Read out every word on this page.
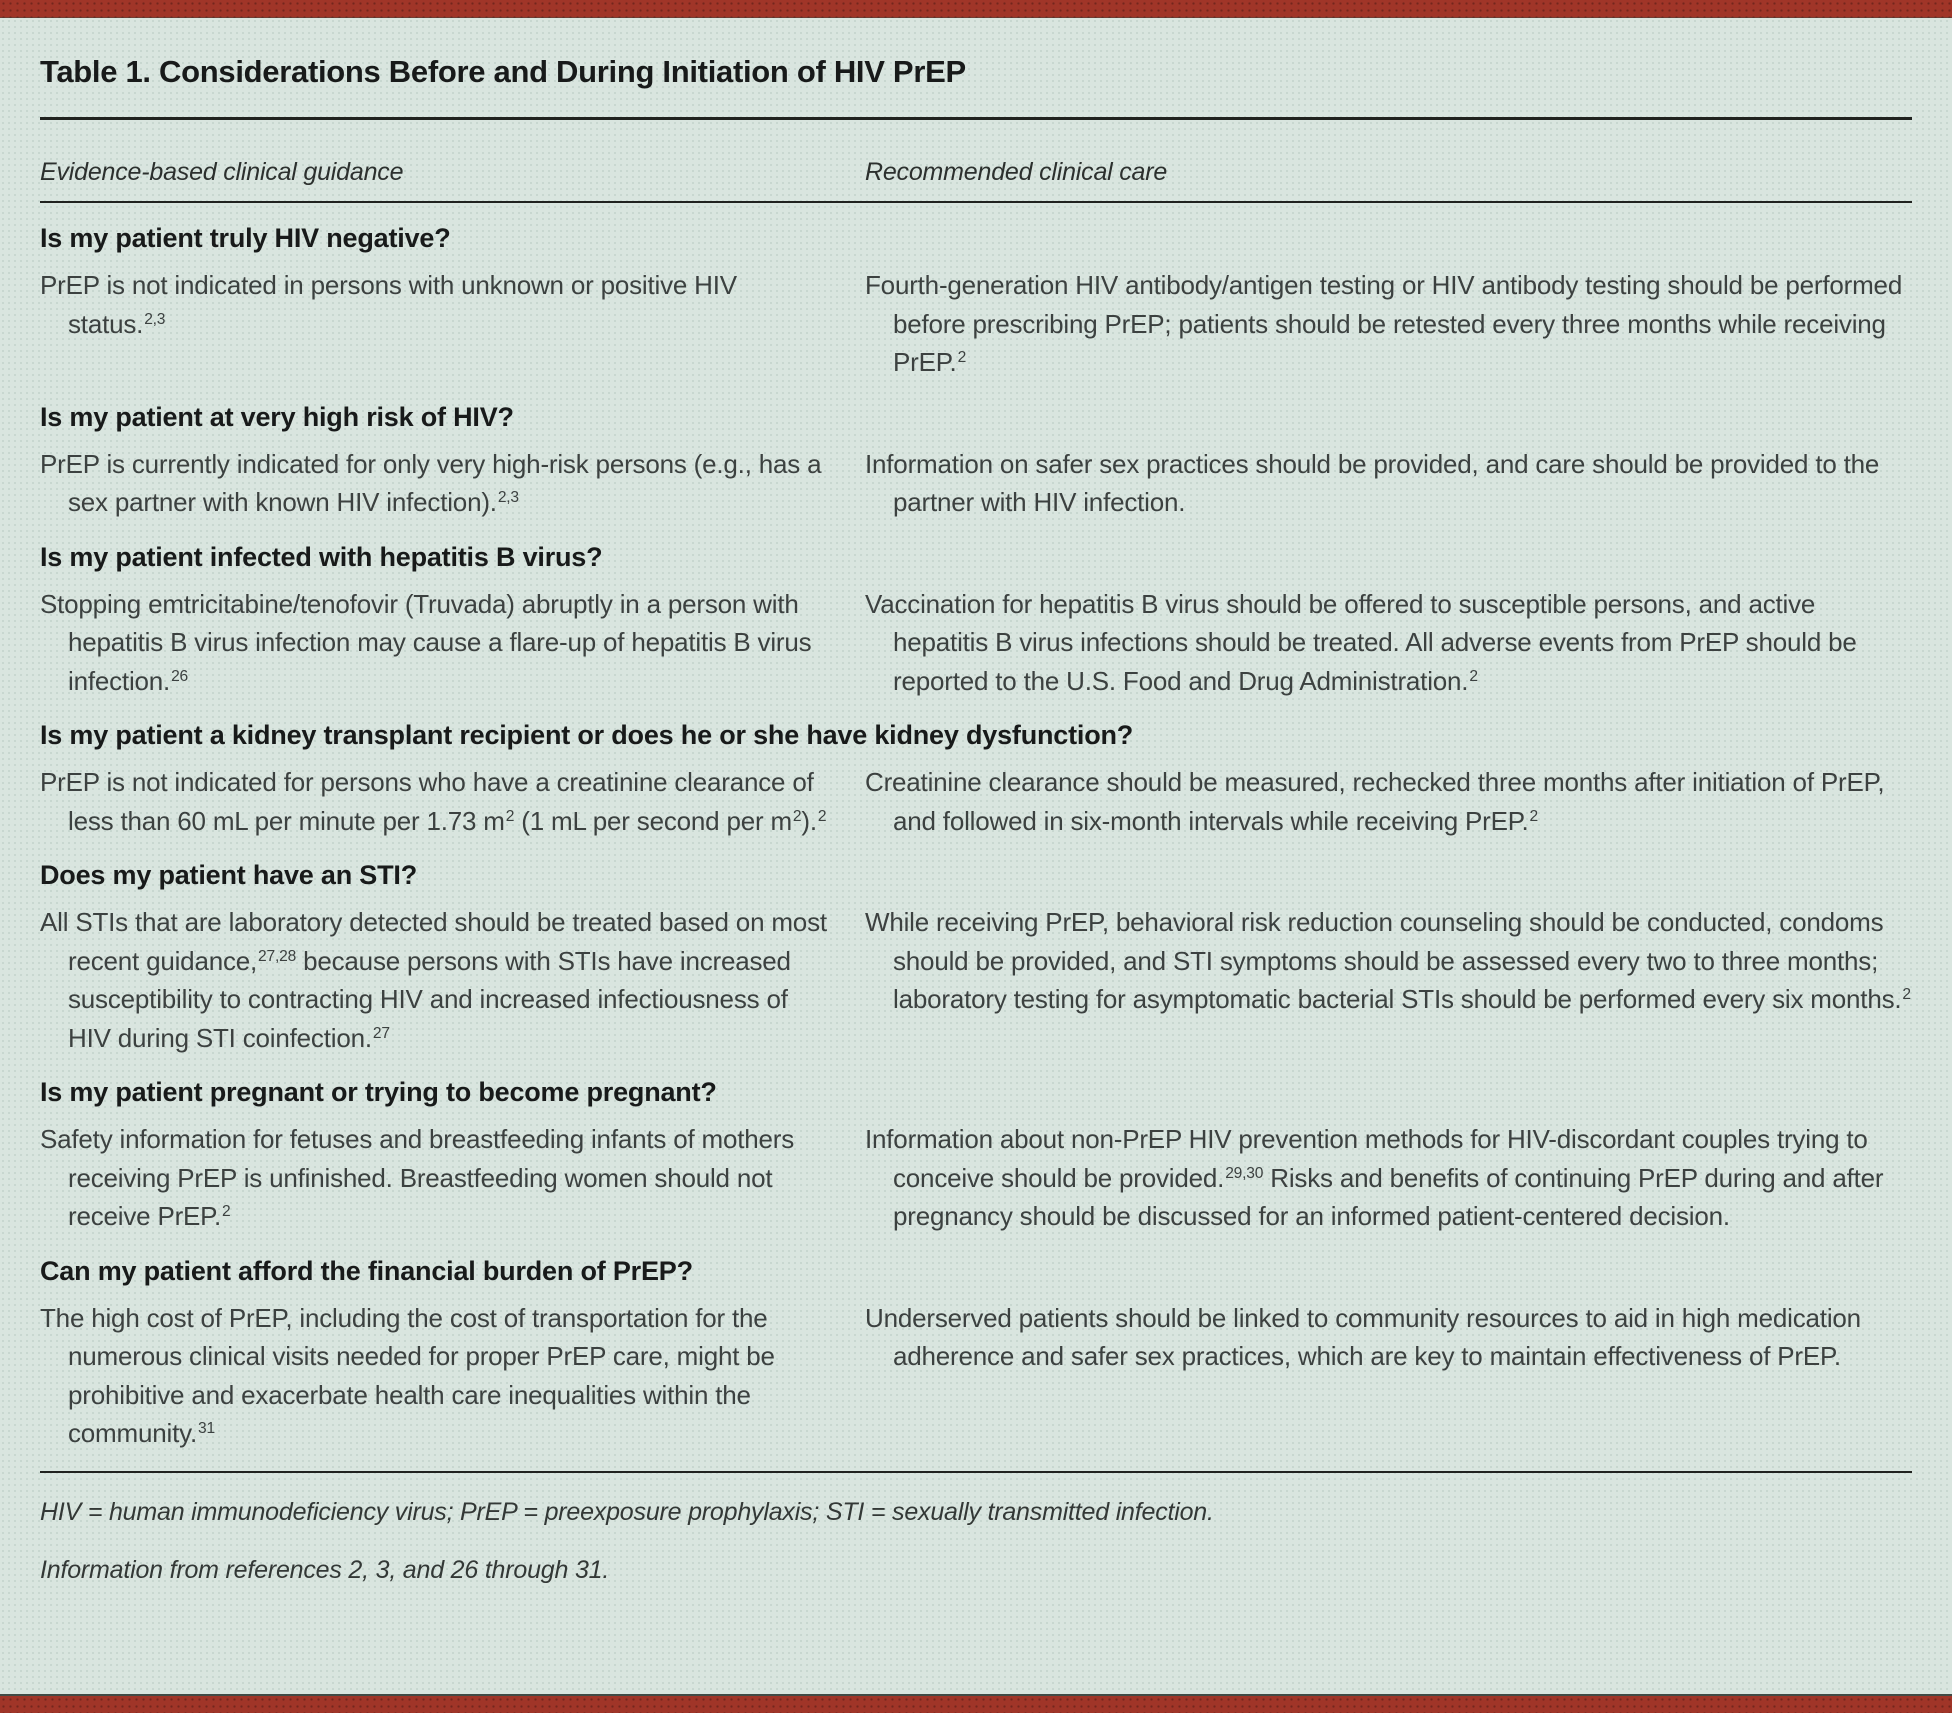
Table 1. Considerations Before and During Initiation of HIV PrEP
Evidence-based clinical guidance	Recommended clinical care
Is my patient truly HIV negative?

PrEP is not indicated in persons with unknown or positive HIV status.$^{2,3}$

Fourth-generation HIV antibody/antigen testing or HIV antibody testing should be performed before prescribing PrEP; patients should be retested every three months while receiving PrEP.$^2$

Is my patient at very high risk of HIV?

PrEP is currently indicated for only very high-risk persons (e.g., has a sex partner with known HIV infection).$^{2,3}$

Information on safer sex practices should be provided, and care should be provided to the partner with HIV infection.

Is my patient infected with hepatitis B virus?

Stopping emtricitabine/tenofovir (Truvada) abruptly in a person with hepatitis B virus infection may cause a flare-up of hepatitis B virus infection.$^{26}$

Vaccination for hepatitis B virus should be offered to susceptible persons, and active hepatitis B virus infections should be treated. All adverse events from PrEP should be reported to the U.S. Food and Drug Administration.$^2$

Is my patient a kidney transplant recipient or does he or she have kidney dysfunction?

PrEP is not indicated for persons who have a creatinine clearance of less than 60 mL per minute per 1.73 $m^2$ (1 mL per second per $m^2).^2$

Creatinine clearance should be measured, rechecked three months after initiation of PrEP, and followed in six-month intervals while receiving PrEP.$^2$

Does my patient have an STI?

All STIs that are laboratory detected should be treated based on most recent guidance,$^{27,28}$ because persons with STIs have increased susceptibility to contracting HIV and increased infectiousness of HIV during STI coinfection.$^{27}$

While receiving PrEP, behavioral risk reduction counseling should be conducted, condoms should be provided, and STI symptoms should be assessed every two to three months; laboratory testing for asymptomatic bacterial STIs should be performed every six months.$^2$

Is my patient pregnant or trying to become pregnant?

Safety information for fetuses and breastfeeding infants of mothers receiving PrEP is unfinished. Breastfeeding women should not receive PrEP.$^2$

Information about non-PrEP HIV prevention methods for HIV-discordant couples trying to conceive should be provided.$^{29,30}$ Risks and benefits of continuing PrEP during and after pregnancy should be discussed for an informed patient-centered decision.

Can my patient afford the financial burden of PrEP?

The high cost of PrEP, including the cost of transportation for the numerous clinical visits needed for proper PrEP care, might be prohibitive and exacerbate health care inequalities within the community.$^{31}$

Underserved patients should be linked to community resources to aid in high medication adherence and safer sex practices, which are key to maintain effectiveness of PrEP.

HIV = human immunodeficiency virus; PrEP = preexposure prophylaxis; STI = sexually transmitted infection.

Information from references 2, 3, and 26 through 31.
